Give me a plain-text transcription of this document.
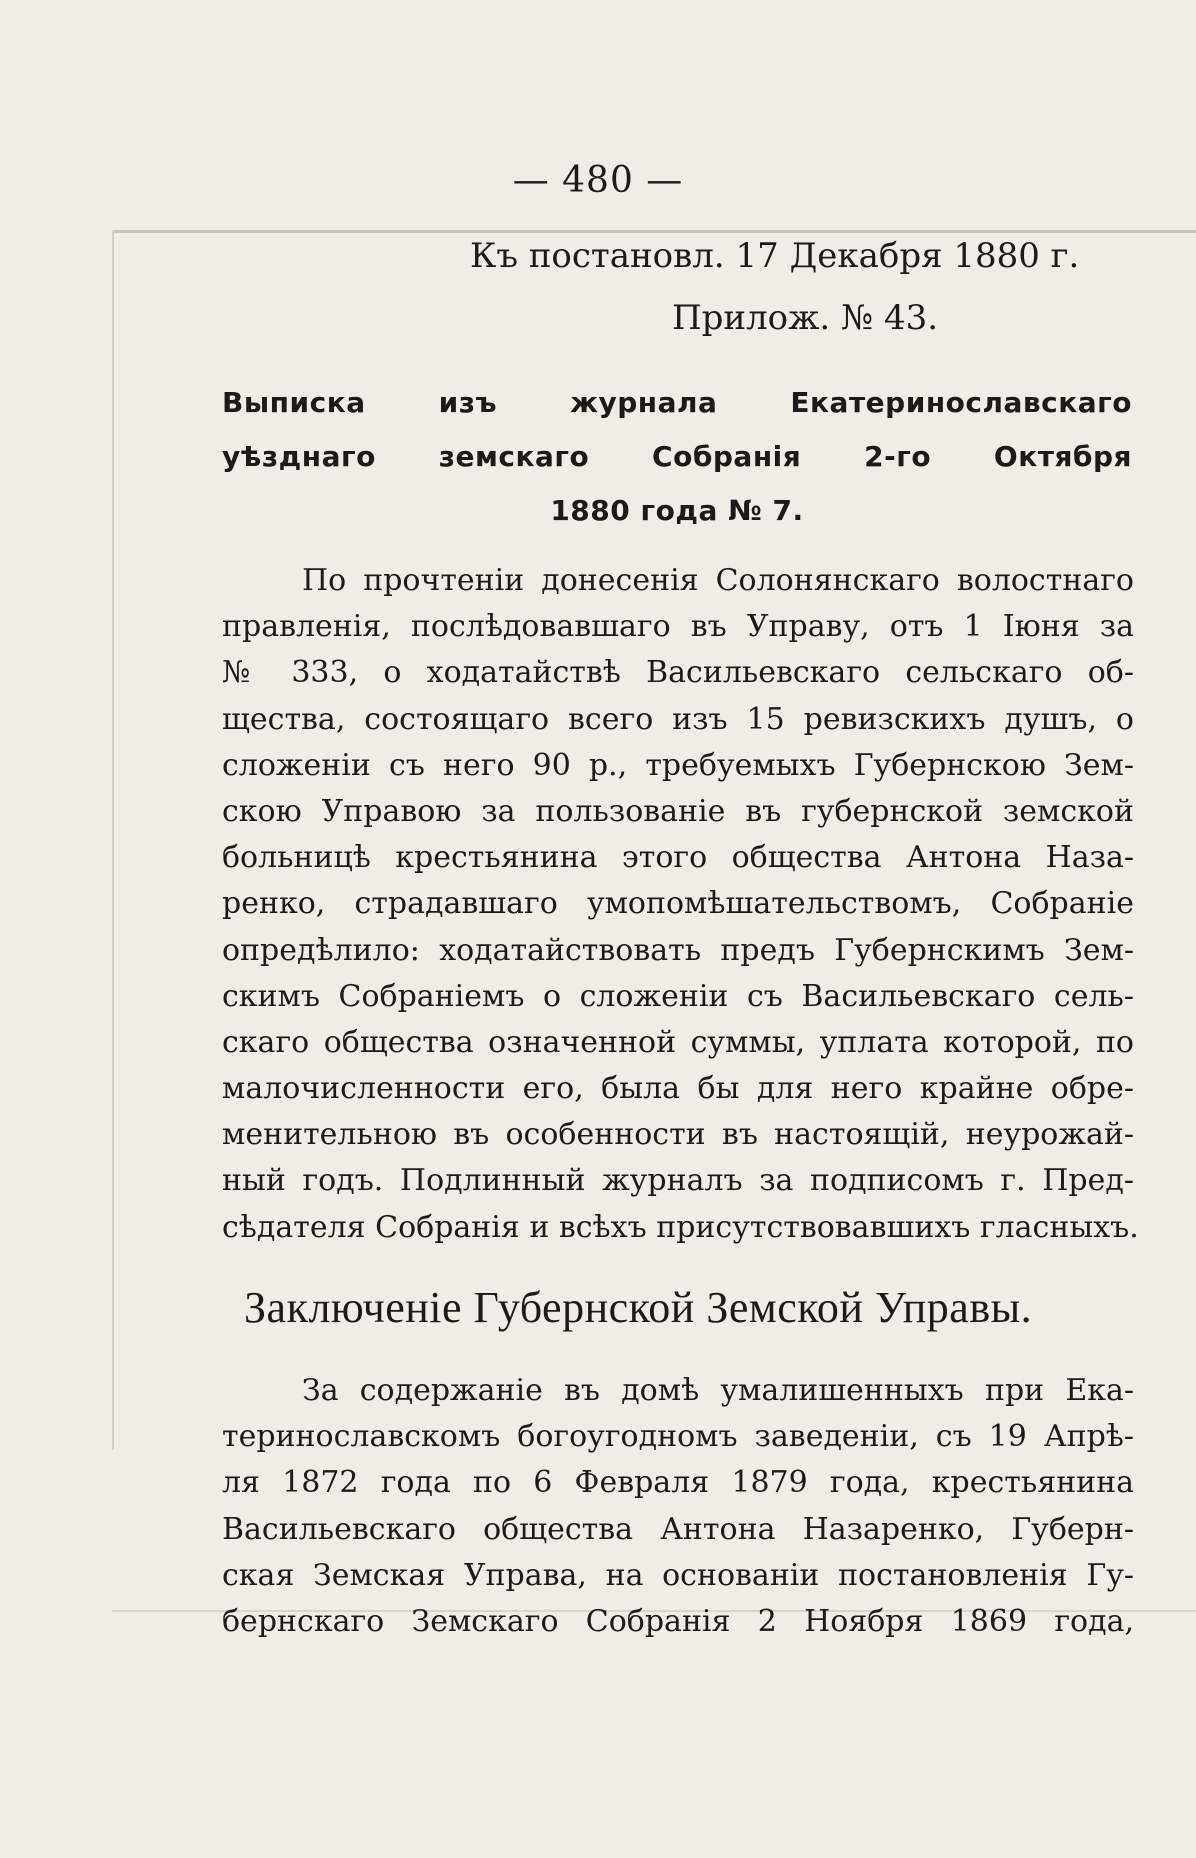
— 480 —
Къ постановл. 17 Декабря 1880 г.
Прилож. № 43.
Выписка изъ журнала Екатеринославскаго
уѣзднаго земскаго Собранія 2-го Октября
1880 года № 7.
По прочтеніи донесенія Солонянскаго волостнаго
правленія, послѣдовавшаго въ Управу, отъ 1 Іюня за
№ 333, о ходатайствѣ Васильевскаго сельскаго об-
щества, состоящаго всего изъ 15 ревизскихъ душъ, о
сложеніи съ него 90 р., требуемыхъ Губернскою Зем-
скою Управою за пользованіе въ губернской земской
больницѣ крестьянина этого общества Антона Наза-
ренко, страдавшаго умопомѣшательствомъ, Собраніе
опредѣлило: ходатайствовать предъ Губернскимъ Зем-
скимъ Собраніемъ о сложеніи съ Васильевскаго сель-
скаго общества означенной суммы, уплата которой, по
малочисленности его, была бы для него крайне обре-
менительною въ особенности въ настоящій, неурожай-
ный годъ. Подлинный журналъ за подписомъ г. Пред-
сѣдателя Собранія и всѣхъ присутствовавшихъ гласныхъ.
Заключеніе Губернской Земской Управы.
За содержаніе въ домѣ умалишенныхъ при Ека-
теринославскомъ богоугодномъ заведеніи, съ 19 Апрѣ-
ля 1872 года по 6 Февраля 1879 года, крестьянина
Васильевскаго общества Антона Назаренко, Губерн-
ская Земская Управа, на основаніи постановленія Гу-
бернскаго Земскаго Собранія 2 Ноября 1869 года,
